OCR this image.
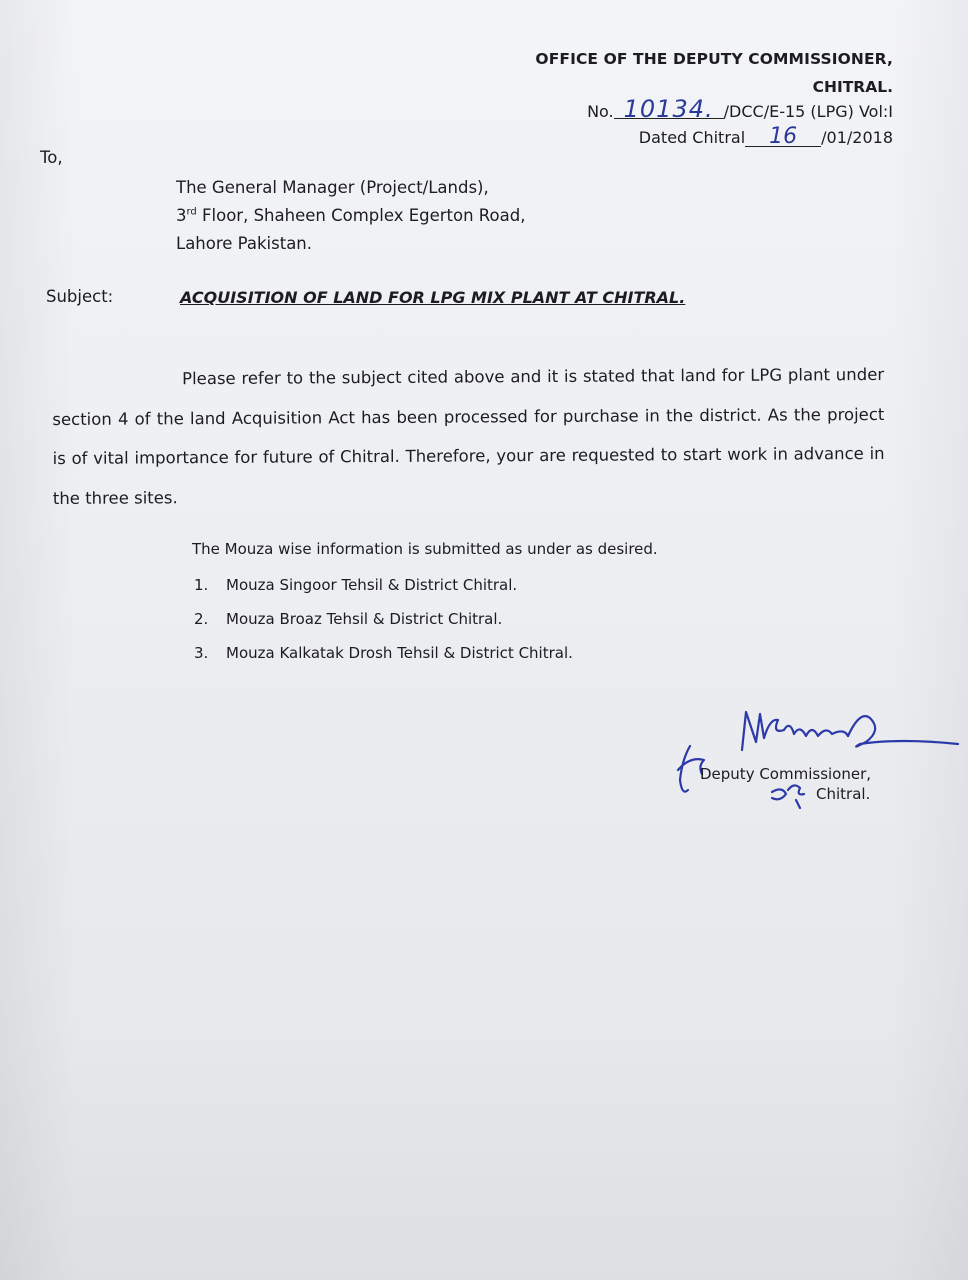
OFFICE OF THE DEPUTY COMMISSIONER,
CHITRAL.
No. 10134. /DCC/E-15 (LPG) Vol:I
Dated Chitral 16 /01/2018
To,
The General Manager (Project/Lands),
3rd Floor, Shaheen Complex Egerton Road,
Lahore Pakistan.
Subject:	ACQUISITION OF LAND FOR LPG MIX PLANT AT CHITRAL.
Please refer to the subject cited above and it is stated that land for LPG plant under section 4 of the land Acquisition Act has been processed for purchase in the district. As the project is of vital importance for future of Chitral. Therefore, your are requested to start work in advance in the three sites.
The Mouza wise information is submitted as under as desired.
1. Mouza Singoor Tehsil & District Chitral.
2. Mouza Broaz Tehsil & District Chitral.
3. Mouza Kalkatak Drosh Tehsil & District Chitral.
Deputy Commissioner,
Chitral.
